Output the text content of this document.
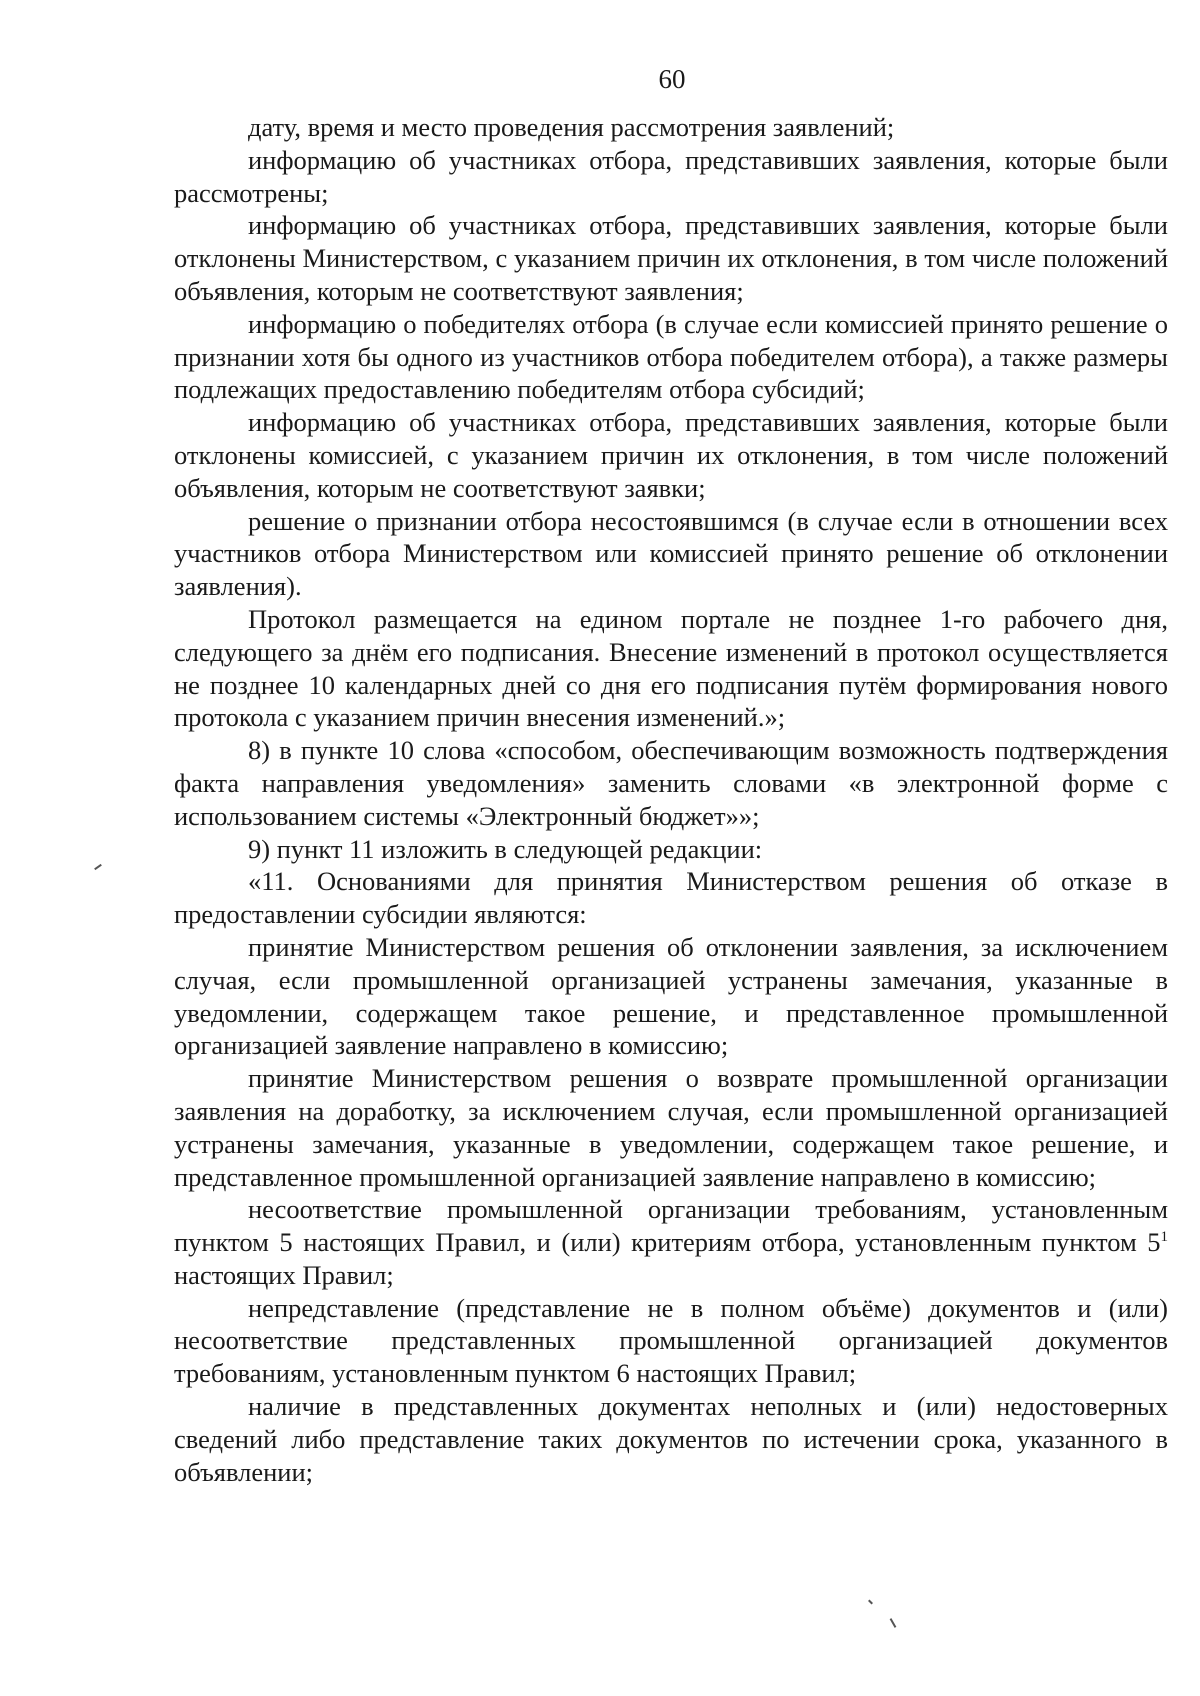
60

дату, время и место проведения рассмотрения заявлений;

информацию об участниках отбора, представивших заявления, которые были рассмотрены;

информацию об участниках отбора, представивших заявления, которые были отклонены Министерством, с указанием причин их отклонения, в том числе положений объявления, которым не соответствуют заявления;

информацию о победителях отбора (в случае если комиссией принято решение о признании хотя бы одного из участников отбора победителем отбора), а также размеры подлежащих предоставлению победителям отбора субсидий;

информацию об участниках отбора, представивших заявления, которые были отклонены комиссией, с указанием причин их отклонения, в том числе положений объявления, которым не соответствуют заявки;

решение о признании отбора несостоявшимся (в случае если в отношении всех участников отбора Министерством или комиссией принято решение об отклонении заявления).

Протокол размещается на едином портале не позднее 1-го рабочего дня, следующего за днём его подписания. Внесение изменений в протокол осуществляется не позднее 10 календарных дней со дня его подписания путём формирования нового протокола с указанием причин внесения изменений.»;

8) в пункте 10 слова «способом, обеспечивающим возможность подтверждения факта направления уведомления» заменить словами «в электронной форме с использованием системы «Электронный бюджет»»;

9) пункт 11 изложить в следующей редакции:

«11. Основаниями для принятия Министерством решения об отказе в предоставлении субсидии являются:

принятие Министерством решения об отклонении заявления, за исключением случая, если промышленной организацией устранены замечания, указанные в уведомлении, содержащем такое решение, и представленное промышленной организацией заявление направлено в комиссию;

принятие Министерством решения о возврате промышленной организации заявления на доработку, за исключением случая, если промышленной организацией устранены замечания, указанные в уведомлении, содержащем такое решение, и представленное промышленной организацией заявление направлено в комиссию;

несоответствие промышленной организации требованиям, установленным пунктом 5 настоящих Правил, и (или) критериям отбора, установленным пунктом $5^1$ настоящих Правил;

непредставление (представление не в полном объёме) документов и (или) несоответствие представленных промышленной организацией документов требованиям, установленным пунктом 6 настоящих Правил;

наличие в представленных документах неполных и (или) недостоверных сведений либо представление таких документов по истечении срока, указанного в объявлении;
